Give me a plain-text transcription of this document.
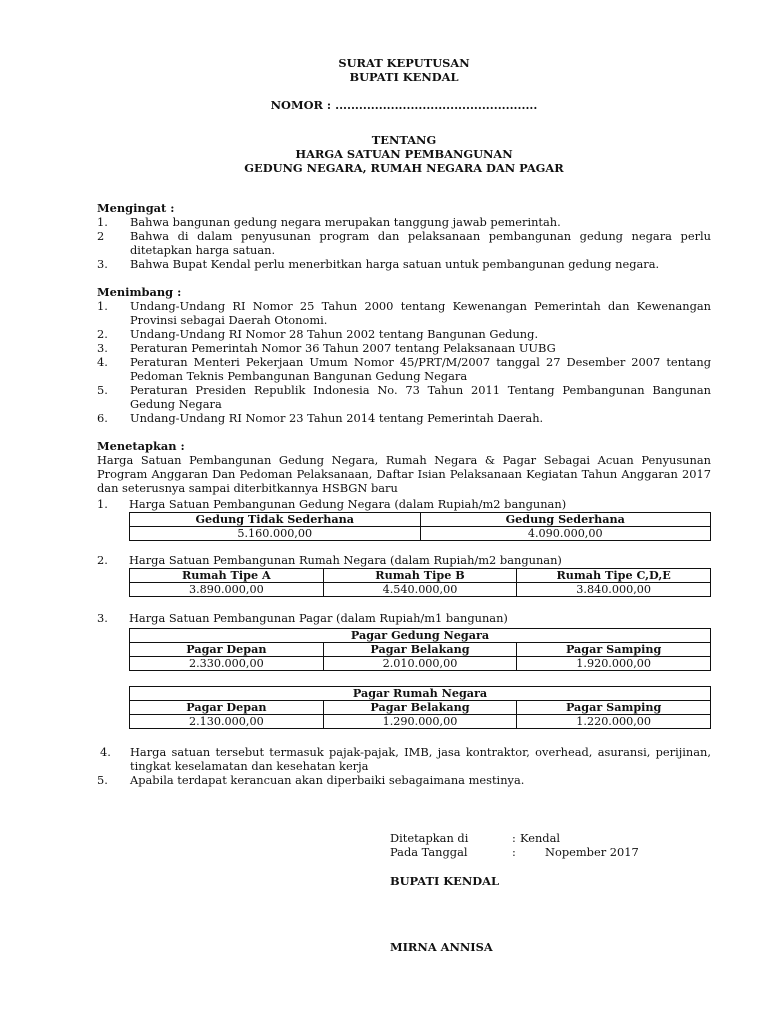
SURAT KEPUTUSAN
BUPATI KENDAL
NOMOR : ...................................................
TENTANG
HARGA SATUAN PEMBANGUNAN
GEDUNG NEGARA, RUMAH NEGARA DAN PAGAR
Mengingat :
1.	Bahwa bangunan gedung negara merupakan tanggung jawab pemerintah.
2	Bahwa di dalam penyusunan program dan pelaksanaan pembangunan gedung negara perlu ditetapkan harga satuan.
3.	Bahwa Bupat Kendal perlu menerbitkan harga satuan untuk pembangunan gedung negara.
Menimbang :
1.	Undang-Undang RI Nomor 25 Tahun 2000 tentang Kewenangan Pemerintah dan Kewenangan Provinsi sebagai Daerah Otonomi.
2.	Undang-Undang RI Nomor 28 Tahun 2002 tentang Bangunan Gedung.
3.	Peraturan Pemerintah Nomor 36 Tahun 2007 tentang Pelaksanaan UUBG
4.	Peraturan Menteri Pekerjaan Umum Nomor 45/PRT/M/2007 tanggal 27 Desember 2007 tentang Pedoman Teknis Pembangunan Bangunan Gedung Negara
5.	Peraturan Presiden Republik Indonesia No. 73 Tahun 2011 Tentang Pembangunan Bangunan Gedung Negara
6.	Undang-Undang RI Nomor 23 Tahun 2014 tentang Pemerintah Daerah.
Menetapkan :
Harga Satuan Pembangunan Gedung Negara, Rumah Negara & Pagar Sebagai Acuan Penyusunan Program Anggaran Dan Pedoman Pelaksanaan, Daftar Isian Pelaksanaan Kegiatan Tahun Anggaran 2017 dan seterusnya sampai diterbitkannya HSBGN baru
1.	Harga Satuan Pembangunan Gedung Negara (dalam Rupiah/m2 bangunan)
Gedung Tidak Sederhana	Gedung Sederhana
5.160.000,00	4.090.000,00
2.	Harga Satuan Pembangunan Rumah Negara (dalam Rupiah/m2 bangunan)
Rumah Tipe A	Rumah Tipe B	Rumah Tipe C,D,E
3.890.000,00	4.540.000,00	3.840.000,00
3.	Harga Satuan Pembangunan Pagar (dalam Rupiah/m1 bangunan)
Pagar Gedung Negara		
Pagar Depan	Pagar Belakang	Pagar Samping
2.330.000,00	2.010.000,00	1.920.000,00
Pagar Rumah Negara		
Pagar Depan	Pagar Belakang	Pagar Samping
2.130.000,00	1.290.000,00	1.220.000,00
4.	Harga satuan tersebut termasuk pajak-pajak, IMB, jasa kontraktor, overhead, asuransi, perijinan, tingkat keselamatan dan kesehatan kerja
5.	Apabila terdapat kerancuan akan diperbaiki sebagaimana mestinya.
Ditetapkan di	: Kendal
Pada Tanggal	:	Nopember 2017
BUPATI KENDAL
MIRNA ANNISA
